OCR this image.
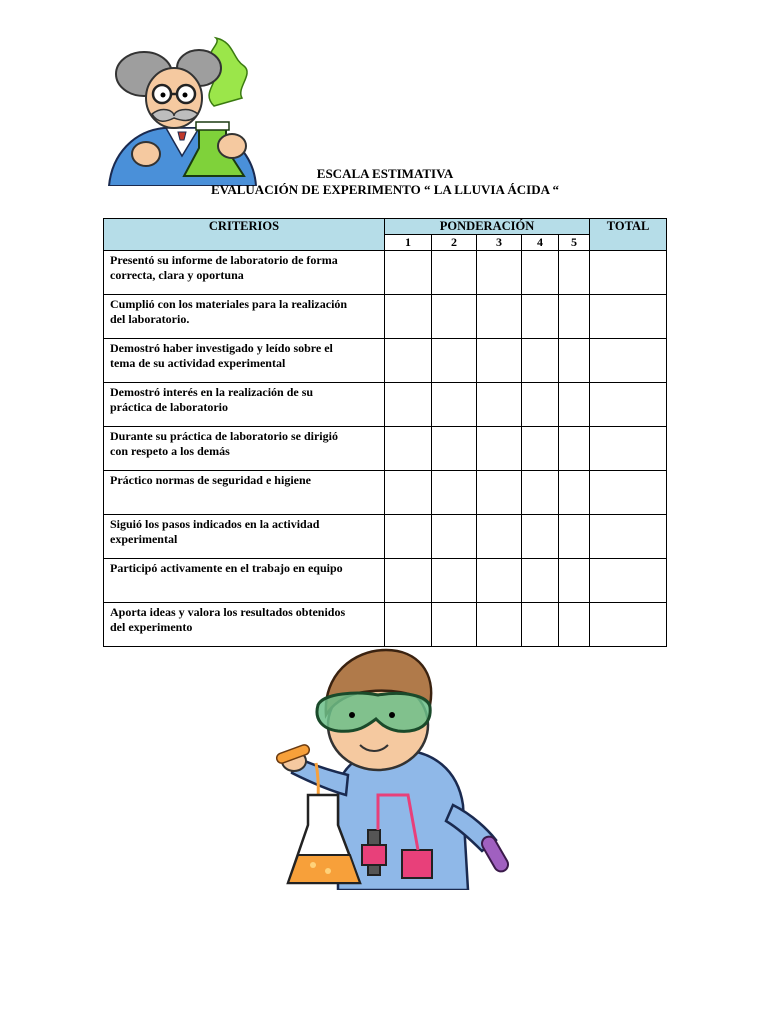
ESCALA ESTIMATIVA
EVALUACIÓN DE EXPERIMENTO “ LA LLUVIA ÁCIDA “
CRITERIOS	PONDERACIÓN					TOTAL
	1	2	3	4	5	

Presentó su informe de laboratorio de forma
correcta, clara y oportuna						

Cumplió con los materiales para la realización
del laboratorio.						

Demostró haber investigado y leído sobre el
tema de su actividad experimental						

Demostró interés en la realización de su
práctica de laboratorio						

Durante su práctica de laboratorio se dirigió
con respeto a los demás						

Práctico normas de seguridad e higiene						

Siguió los pasos indicados en la actividad
experimental						

Participó activamente en el trabajo en equipo						

Aporta ideas y valora los resultados obtenidos
del experimento						
